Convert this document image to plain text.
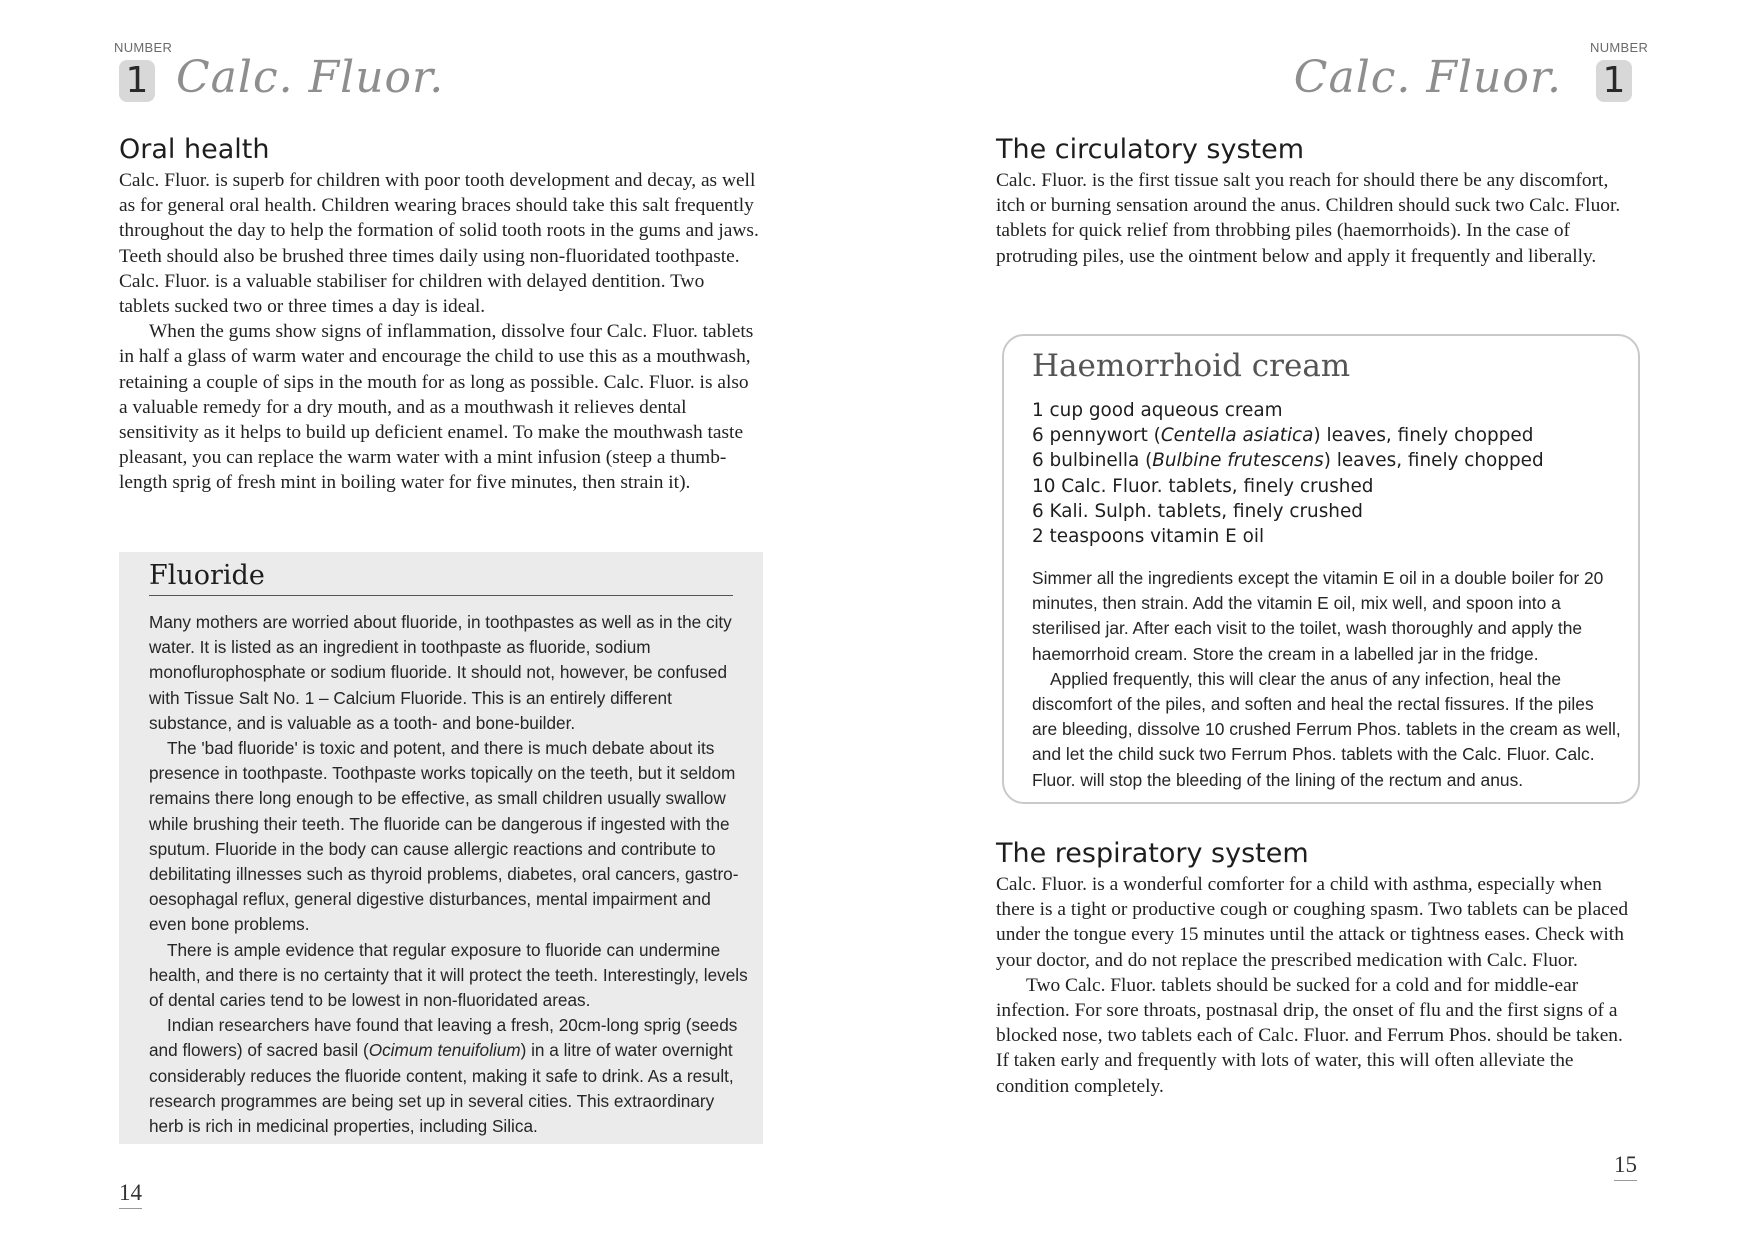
NUMBER
1 Calc. Fluor.
Oral health

Calc. Fluor. is superb for children with poor tooth development and decay, as well as for general oral health. Children wearing braces should take this salt frequently throughout the day to help the formation of solid tooth roots in the gums and jaws. Teeth should also be brushed three times daily using non-fluoridated toothpaste. Calc. Fluor. is a valuable stabiliser for children with delayed dentition. Two tablets sucked two or three times a day is ideal.

When the gums show signs of inflammation, dissolve four Calc. Fluor. tablets in half a glass of warm water and encourage the child to use this as a mouthwash, retaining a couple of sips in the mouth for as long as possible. Calc. Fluor. is also a valuable remedy for a dry mouth, and as a mouthwash it relieves dental sensitivity as it helps to build up deficient enamel. To make the mouthwash taste pleasant, you can replace the warm water with a mint infusion (steep a thumb-length sprig of fresh mint in boiling water for five minutes, then strain it).

Fluoride

Many mothers are worried about fluoride, in toothpastes as well as in the city water. It is listed as an ingredient in toothpaste as fluoride, sodium monoflurophosphate or sodium fluoride. It should not, however, be confused with Tissue Salt No. 1 – Calcium Fluoride. This is an entirely different substance, and is valuable as a tooth- and bone-builder.

The 'bad fluoride' is toxic and potent, and there is much debate about its presence in toothpaste. Toothpaste works topically on the teeth, but it seldom remains there long enough to be effective, as small children usually swallow while brushing their teeth. The fluoride can be dangerous if ingested with the sputum. Fluoride in the body can cause allergic reactions and contribute to debilitating illnesses such as thyroid problems, diabetes, oral cancers, gastro-oesophagal reflux, general digestive disturbances, mental impairment and even bone problems.

There is ample evidence that regular exposure to fluoride can undermine health, and there is no certainty that it will protect the teeth. Interestingly, levels of dental caries tend to be lowest in non-fluoridated areas.

Indian researchers have found that leaving a fresh, 20cm-long sprig (seeds and flowers) of sacred basil (Ocimum tenuifolium) in a litre of water overnight considerably reduces the fluoride content, making it safe to drink. As a result, research programmes are being set up in several cities. This extraordinary herb is rich in medicinal properties, including Silica.

14
NUMBER
1
Calc. Fluor.
The circulatory system

Calc. Fluor. is the first tissue salt you reach for should there be any discomfort, itch or burning sensation around the anus. Children should suck two Calc. Fluor. tablets for quick relief from throbbing piles (haemorrhoids). In the case of protruding piles, use the ointment below and apply it frequently and liberally.

Haemorrhoid cream
1 cup good aqueous cream
6 pennywort (Centella asiatica) leaves, finely chopped
6 bulbinella (Bulbine frutescens) leaves, finely chopped
10 Calc. Fluor. tablets, finely crushed
6 Kali. Sulph. tablets, finely crushed
2 teaspoons vitamin E oil

Simmer all the ingredients except the vitamin E oil in a double boiler for 20 minutes, then strain. Add the vitamin E oil, mix well, and spoon into a sterilised jar. After each visit to the toilet, wash thoroughly and apply the haemorrhoid cream. Store the cream in a labelled jar in the fridge.

Applied frequently, this will clear the anus of any infection, heal the discomfort of the piles, and soften and heal the rectal fissures. If the piles are bleeding, dissolve 10 crushed Ferrum Phos. tablets in the cream as well, and let the child suck two Ferrum Phos. tablets with the Calc. Fluor. Calc. Fluor. will stop the bleeding of the lining of the rectum and anus.

The respiratory system

Calc. Fluor. is a wonderful comforter for a child with asthma, especially when there is a tight or productive cough or coughing spasm. Two tablets can be placed under the tongue every 15 minutes until the attack or tightness eases. Check with your doctor, and do not replace the prescribed medication with Calc. Fluor.

Two Calc. Fluor. tablets should be sucked for a cold and for middle-ear infection. For sore throats, postnasal drip, the onset of flu and the first signs of a blocked nose, two tablets each of Calc. Fluor. and Ferrum Phos. should be taken. If taken early and frequently with lots of water, this will often alleviate the condition completely.

15
